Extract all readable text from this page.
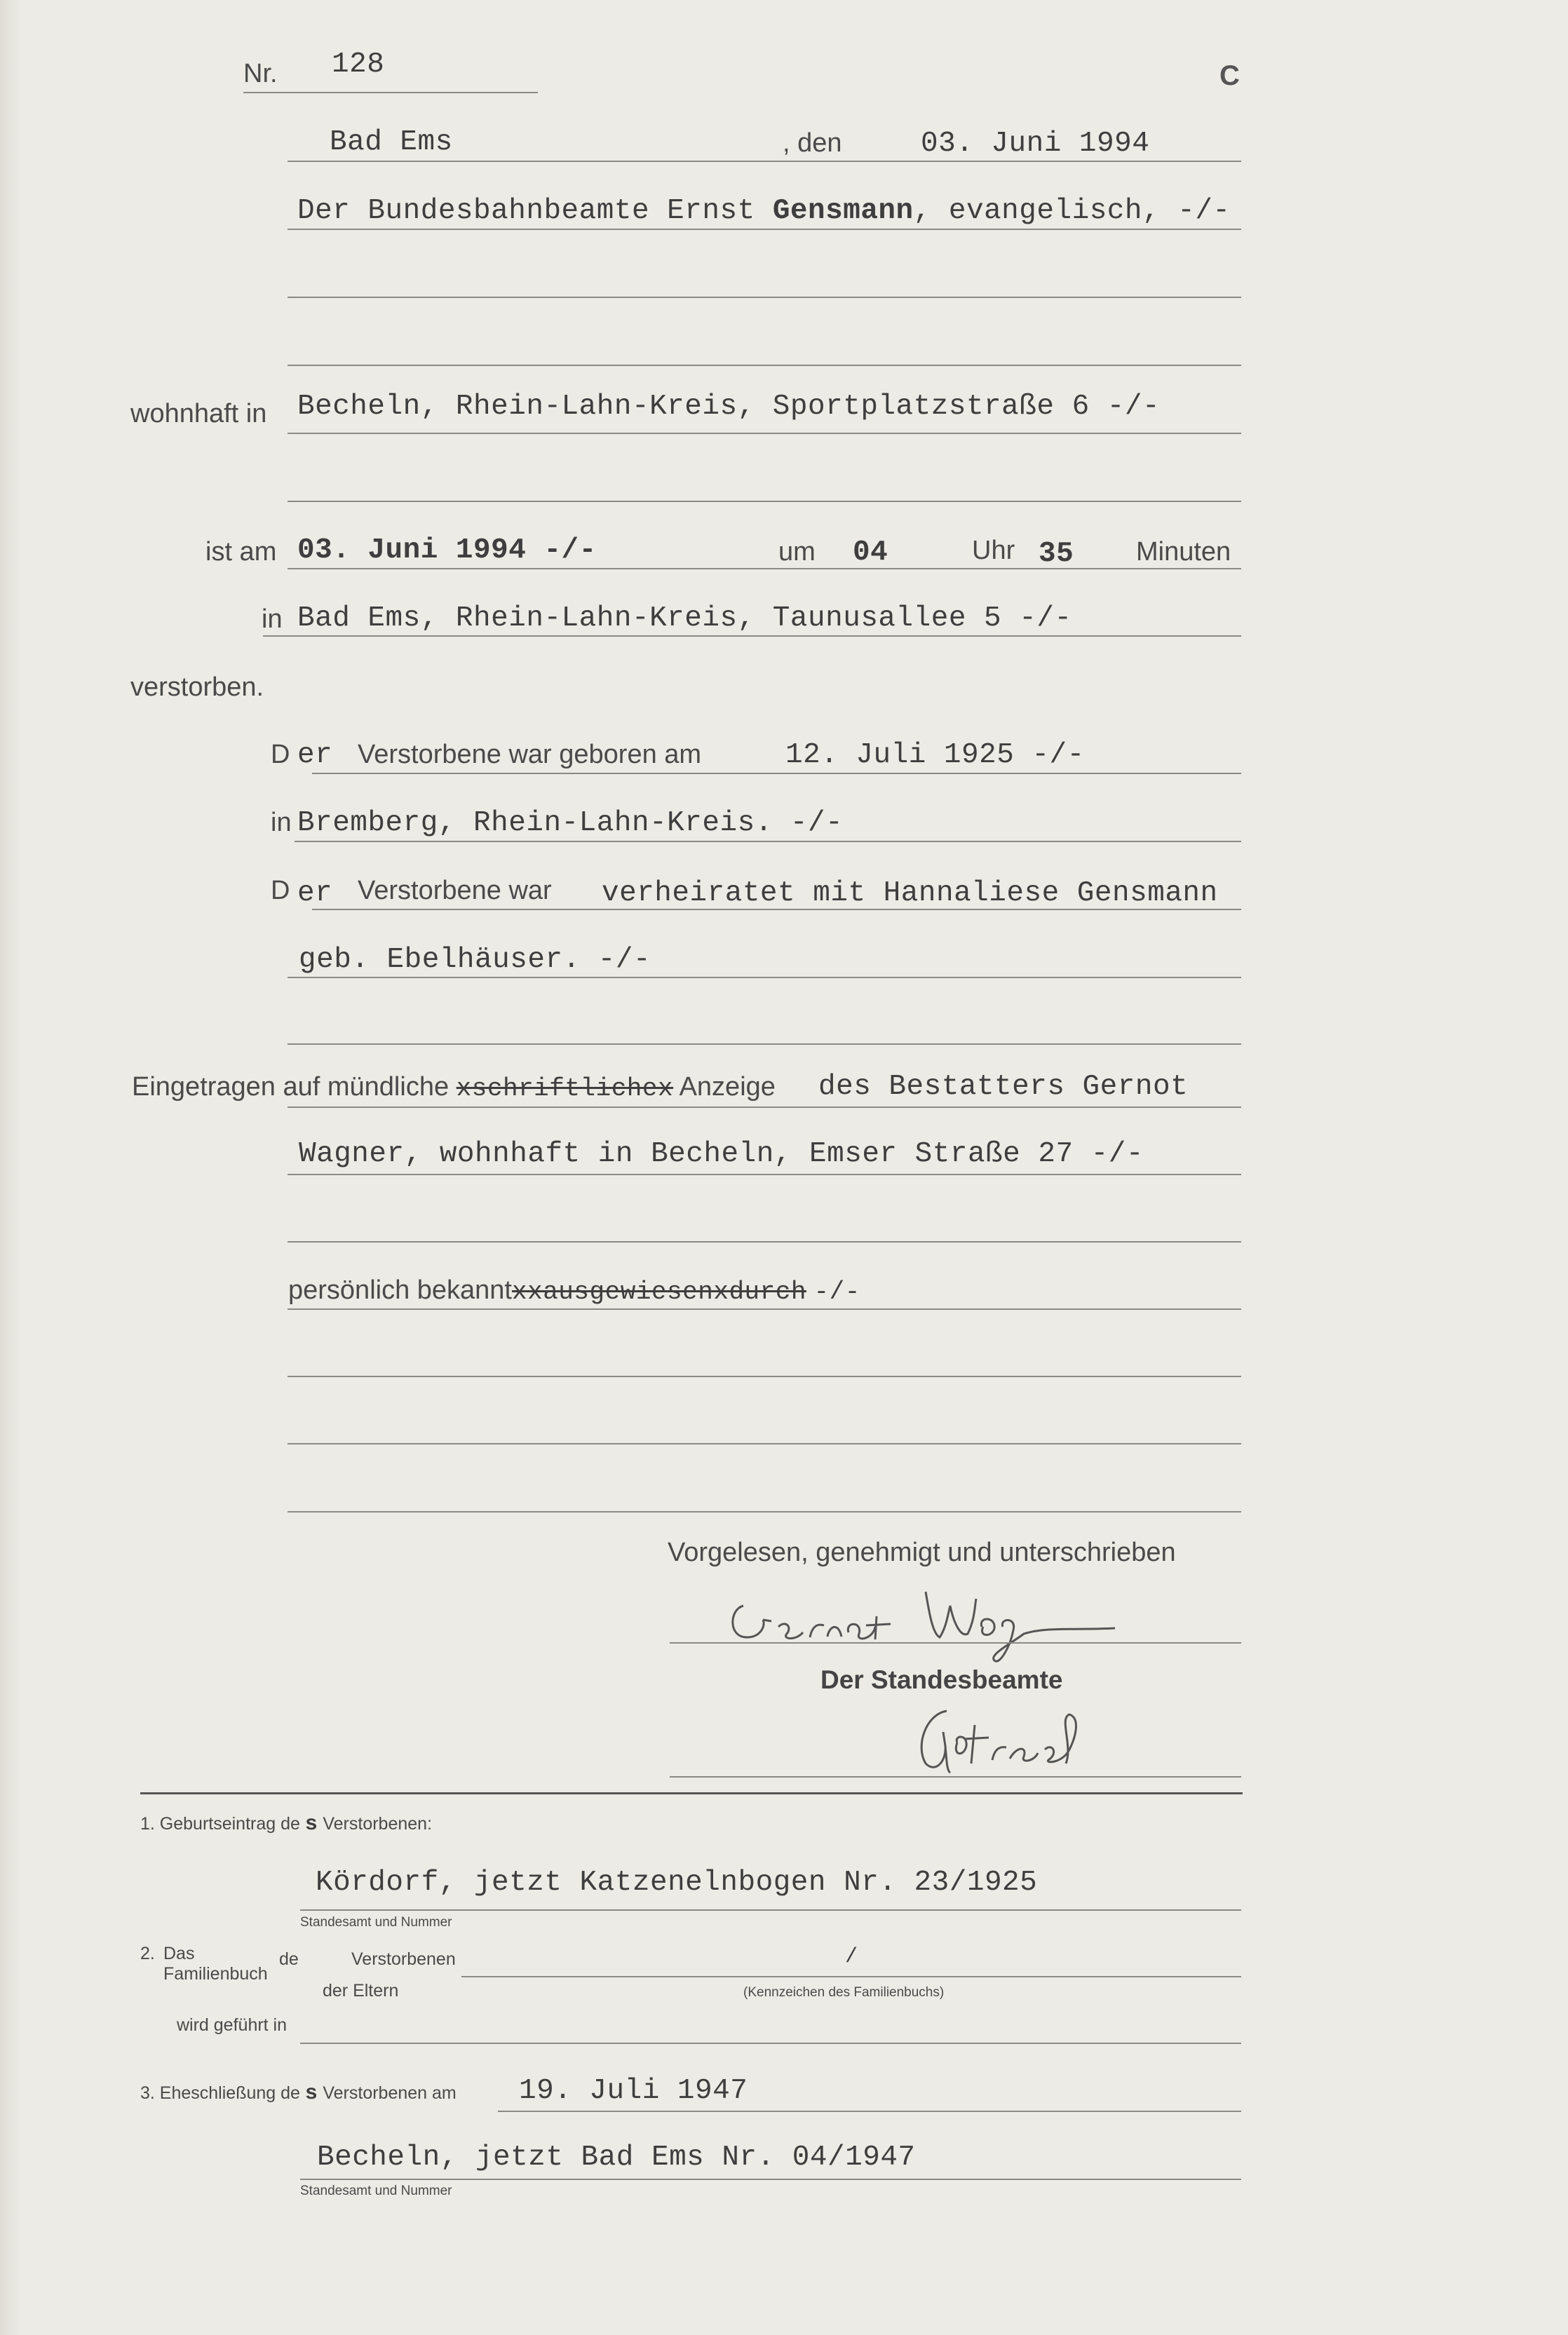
Nr. 128	C
Bad Ems	, den	03. Juni 1994
Der Bundesbahnbeamte Ernst Gensmann, evangelisch, -/-
wohnhaft in Becheln, Rhein-Lahn-Kreis, Sportplatzstraße 6 -/-
ist am 03. Juni 1994 -/-	um 04	Uhr 35 Minuten
in Bad Ems, Rhein-Lahn-Kreis, Taunusallee 5 -/-
verstorben.
D er Verstorbene war geboren am	12. Juli 1925 -/-
in Bremberg, Rhein-Lahn-Kreis. -/-
D er Verstorbene war verheiratet mit Hannaliese Gensmann
geb. Ebelhäuser. -/-
Eingetragen auf mündliche xschriftlichex Anzeige des Bestatters Gernot
Wagner, wohnhaft in Becheln, Emser Straße 27 -/-
persönlich bekanntxxausgewiesenxdurch -/-
Vorgelesen, genehmigt und unterschrieben
Der Standesbeamte
1. Geburtseintrag de s Verstorbenen:
Kördorf, jetzt Katzenelnbogen Nr. 23/1925
Standesamt und Nummer
2. Das
Familienbuch
de	Verstorbenen	/
der Eltern	(Kennzeichen des Familienbuchs)
wird geführt in
3. Eheschließung de s Verstorbenen am 19. Juli 1947
Becheln, jetzt Bad Ems Nr. 04/1947
Standesamt und Nummer
